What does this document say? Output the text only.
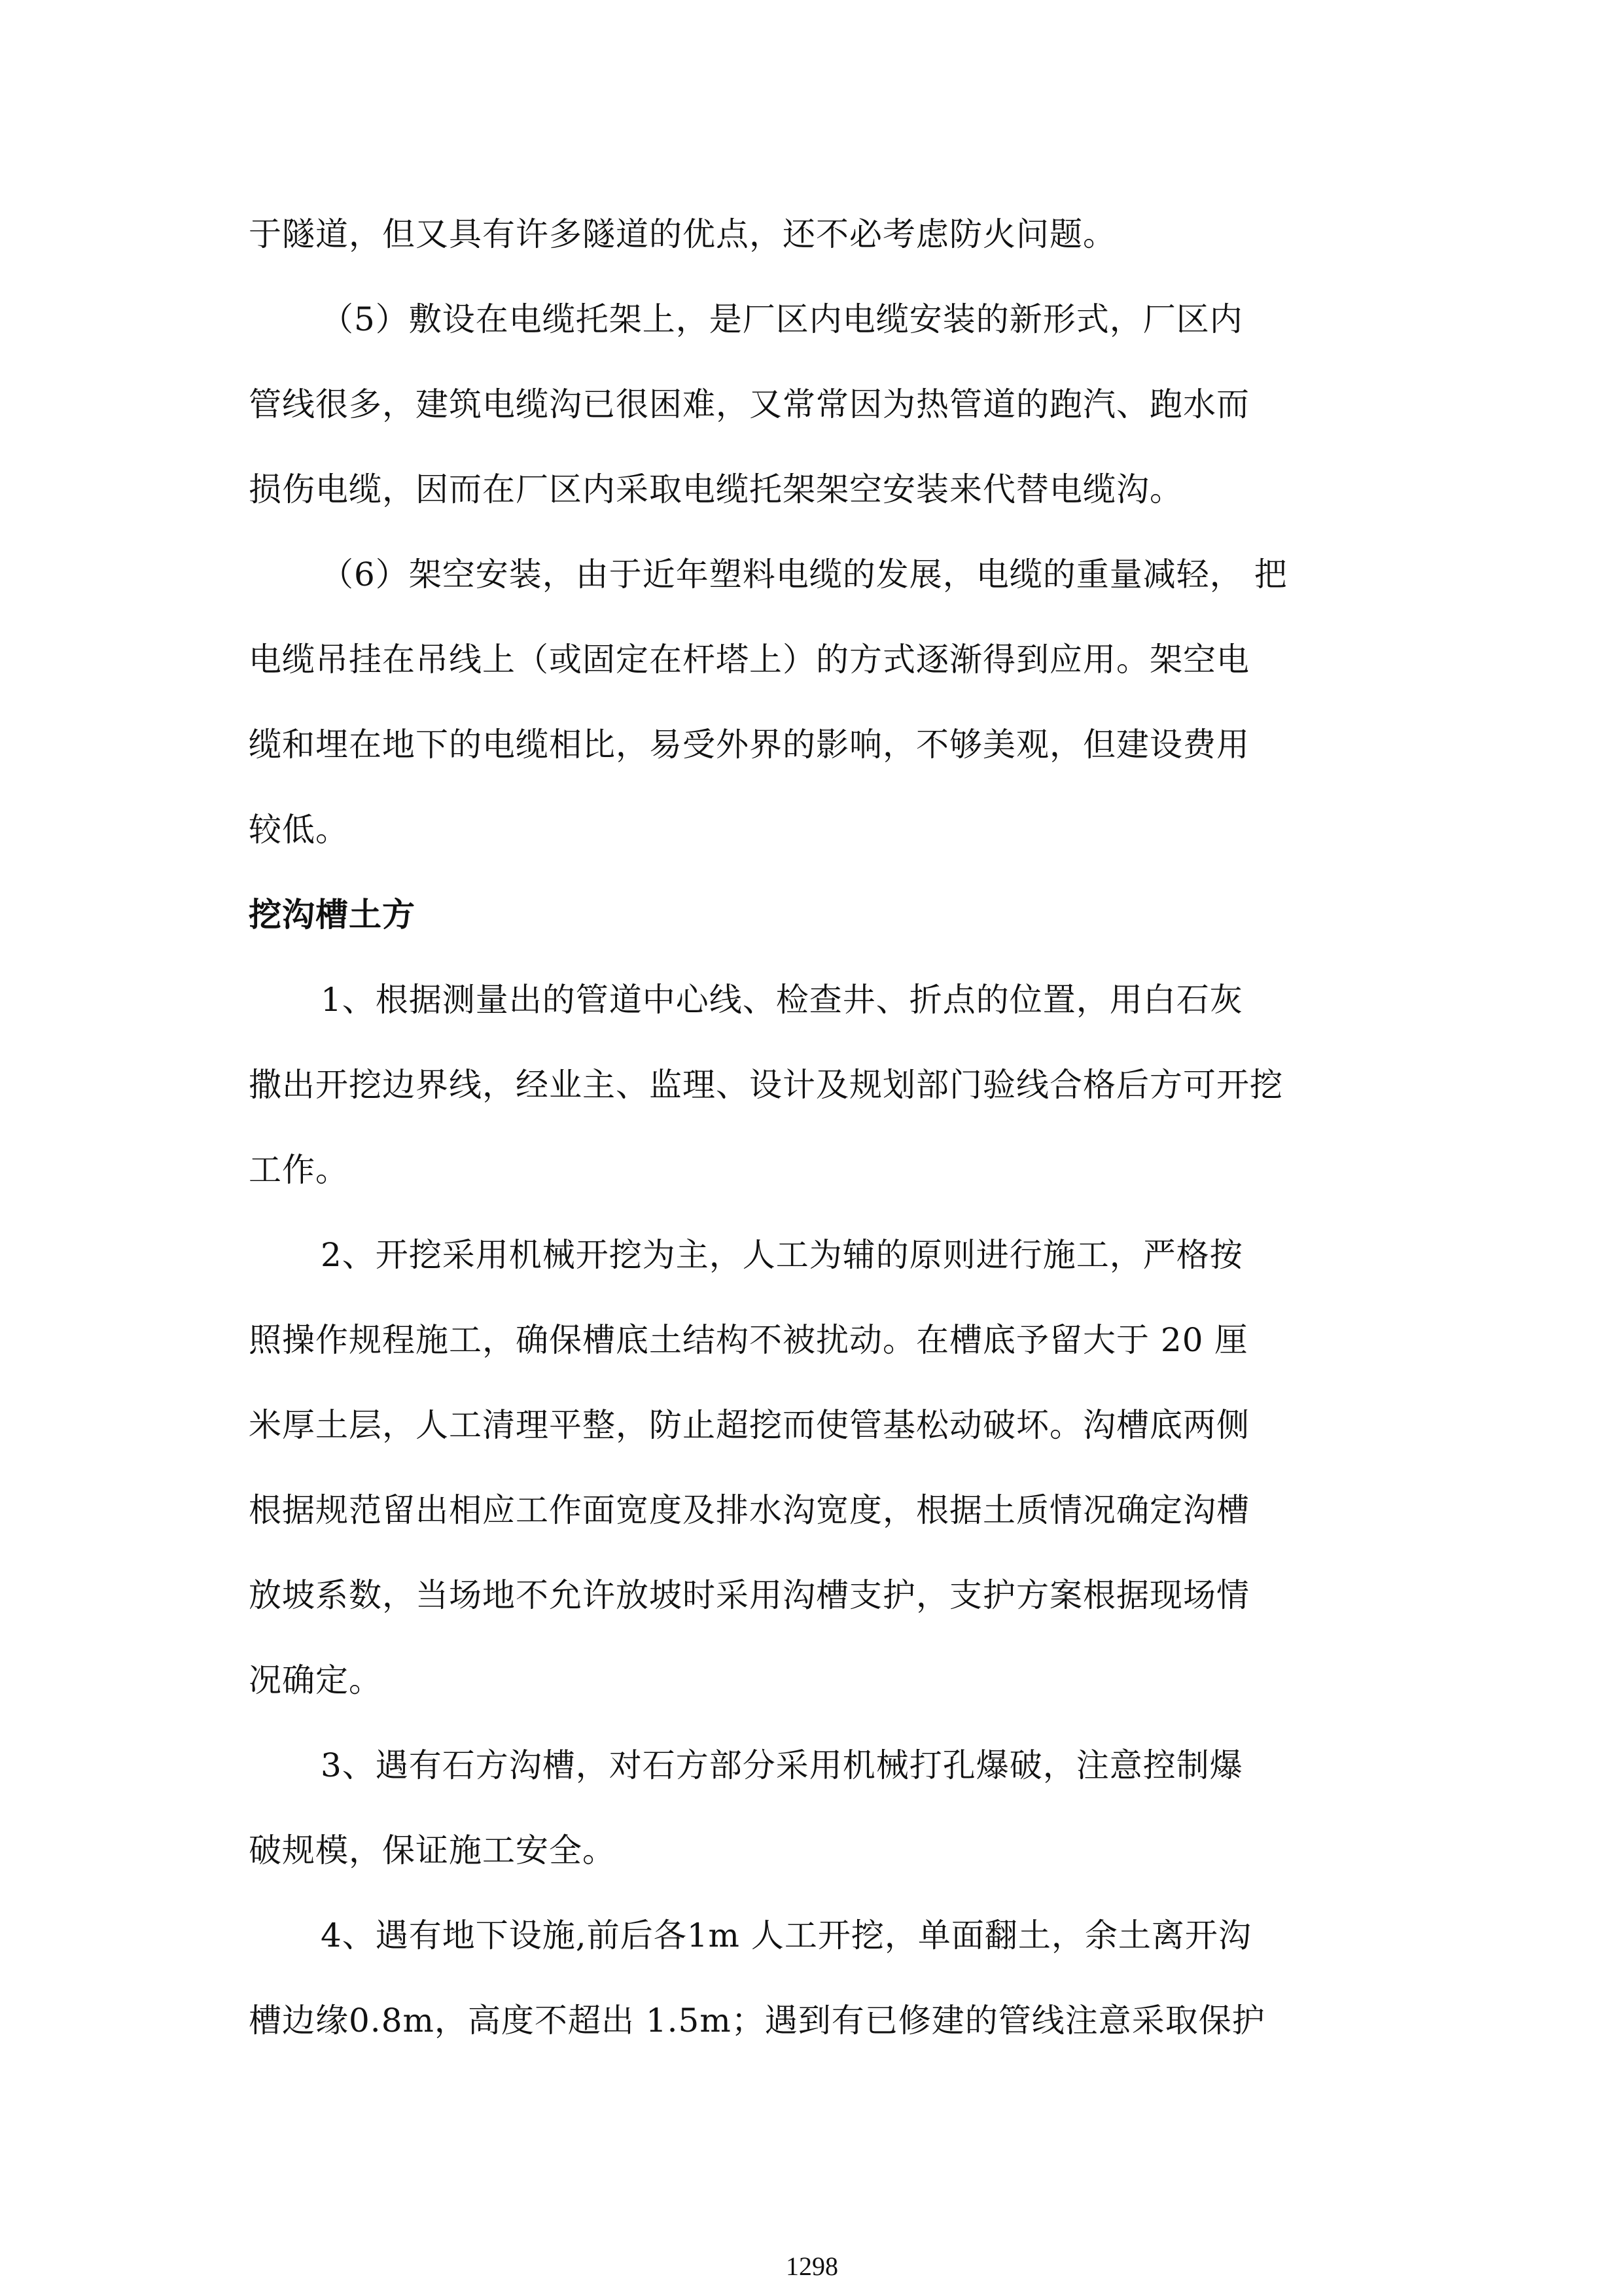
于隧道，但又具有许多隧道的优点，还不必考虑防火问题。
（5）敷设在电缆托架上，是厂区内电缆安装的新形式，厂区内
管线很多，建筑电缆沟已很困难，又常常因为热管道的跑汽、跑水而
损伤电缆，因而在厂区内采取电缆托架架空安装来代替电缆沟。
（6）架空安装，由于近年塑料电缆的发展，电缆的重量减轻， 把
电缆吊挂在吊线上（或固定在杆塔上）的方式逐渐得到应用。架空电
缆和埋在地下的电缆相比，易受外界的影响，不够美观，但建设费用
较低。
挖沟槽土方
1、根据测量出的管道中心线、检查井、折点的位置，用白石灰
撒出开挖边界线，经业主、监理、设计及规划部门验线合格后方可开挖
工作。
2、开挖采用机械开挖为主，人工为辅的原则进行施工，严格按
照操作规程施工，确保槽底土结构不被扰动。在槽底予留大于 20 厘
米厚土层，人工清理平整，防止超挖而使管基松动破坏。沟槽底两侧
根据规范留出相应工作面宽度及排水沟宽度，根据土质情况确定沟槽
放坡系数，当场地不允许放坡时采用沟槽支护，支护方案根据现场情
况确定。
3、遇有石方沟槽，对石方部分采用机械打孔爆破，注意控制爆
破规模，保证施工安全。
4、遇有地下设施,前后各1m 人工开挖，单面翻土，余土离开沟
槽边缘0.8m，高度不超出 1.5m；遇到有已修建的管线注意采取保护
1298
